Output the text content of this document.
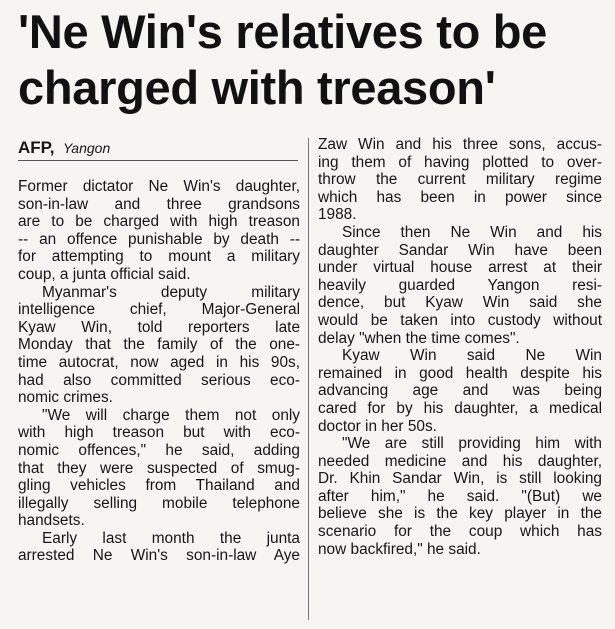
'Ne Win's relatives to be
charged with treason'
AFP, Yangon
Former dictator Ne Win's daughter,
son-in-law and three grandsons
are to be charged with high treason
-- an offence punishable by death --
for attempting to mount a military
coup, a junta official said.
Myanmar's deputy military
intelligence chief, Major-General
Kyaw Win, told reporters late
Monday that the family of the one-
time autocrat, now aged in his 90s,
had also committed serious eco-
nomic crimes.
"We will charge them not only
with high treason but with eco-
nomic offences," he said, adding
that they were suspected of smug-
gling vehicles from Thailand and
illegally selling mobile telephone
handsets.
Early last month the junta
arrested Ne Win's son-in-law Aye
Zaw Win and his three sons, accus-
ing them of having plotted to over-
throw the current military regime
which has been in power since
1988.
Since then Ne Win and his
daughter Sandar Win have been
under virtual house arrest at their
heavily guarded Yangon resi-
dence, but Kyaw Win said she
would be taken into custody without
delay "when the time comes".
Kyaw Win said Ne Win
remained in good health despite his
advancing age and was being
cared for by his daughter, a medical
doctor in her 50s.
"We are still providing him with
needed medicine and his daughter,
Dr. Khin Sandar Win, is still looking
after him," he said. "(But) we
believe she is the key player in the
scenario for the coup which has
now backfired," he said.
